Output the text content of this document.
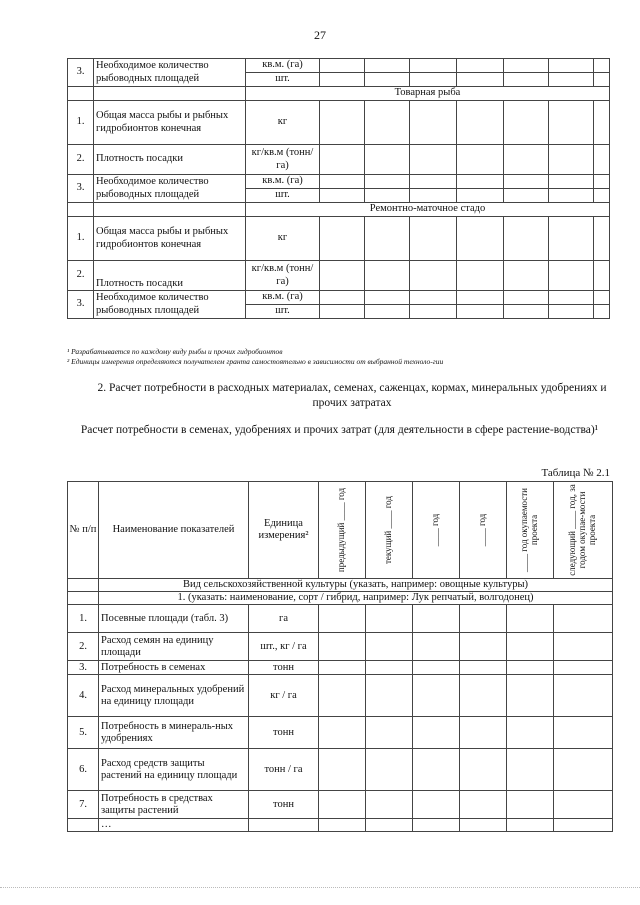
27
3.	Необходимое количество рыбоводных площадей	кв.м. (га)							
		шт.							
		Товарная рыба							
1.	Общая масса рыбы и рыбных гидробионтов конечная	кг							
2.	Плотность посадки	кг/кв.м (тонн/га)							
3.	Необходимое количество рыбоводных площадей	кв.м. (га)							
		шт.							
		Ремонтно-маточное стадо							
1.	Общая масса рыбы и рыбных гидробионтов конечная	кг							
2.	Плотность посадки	кг/кв.м (тонн/га)							
3.	Необходимое количество рыбоводных площадей	кв.м. (га)							
		шт.							
¹ Разрабатывается по каждому виду рыбы и прочих гидробионтов
² Единицы измерения определяются получателем гранта самостоятельно в зависимости от выбранной техноло-гии
2. Расчет потребности в расходных материалах, семенах, саженцах, кормах, минеральных удобрениях и прочих затратах
Расчет потребности в семенах, удобрениях и прочих затрат (для деятельности в сфере растение-водства)¹
Таблица № 2.1
№ п/п	Наименование показателей	Единица измерения²	предыдущий ____ год	текущий ____ год	____ год	____ год	____ год окупаемости проекта	следующий ____ год, за годом окупае-мости проекта

	Вид сельскохозяйственной культуры (указать, например: овощные культуры)							
	1. (указать: наименование, сорт / гибрид, например: Лук репчатый, волгодонец)							
1.	Посевные площади (табл. 3)	га						
2.	Расход семян на единицу площади	шт., кг / га						
3.	Потребность в семенах	тонн						
4.	Расход минеральных удобрений на единицу площади	кг / га						
5.	Потребность в минераль-ных удобрениях	тонн						
6.	Расход средств защиты растений на единицу площади	тонн / га						
7.	Потребность в средствах защиты растений	тонн						
	…							
